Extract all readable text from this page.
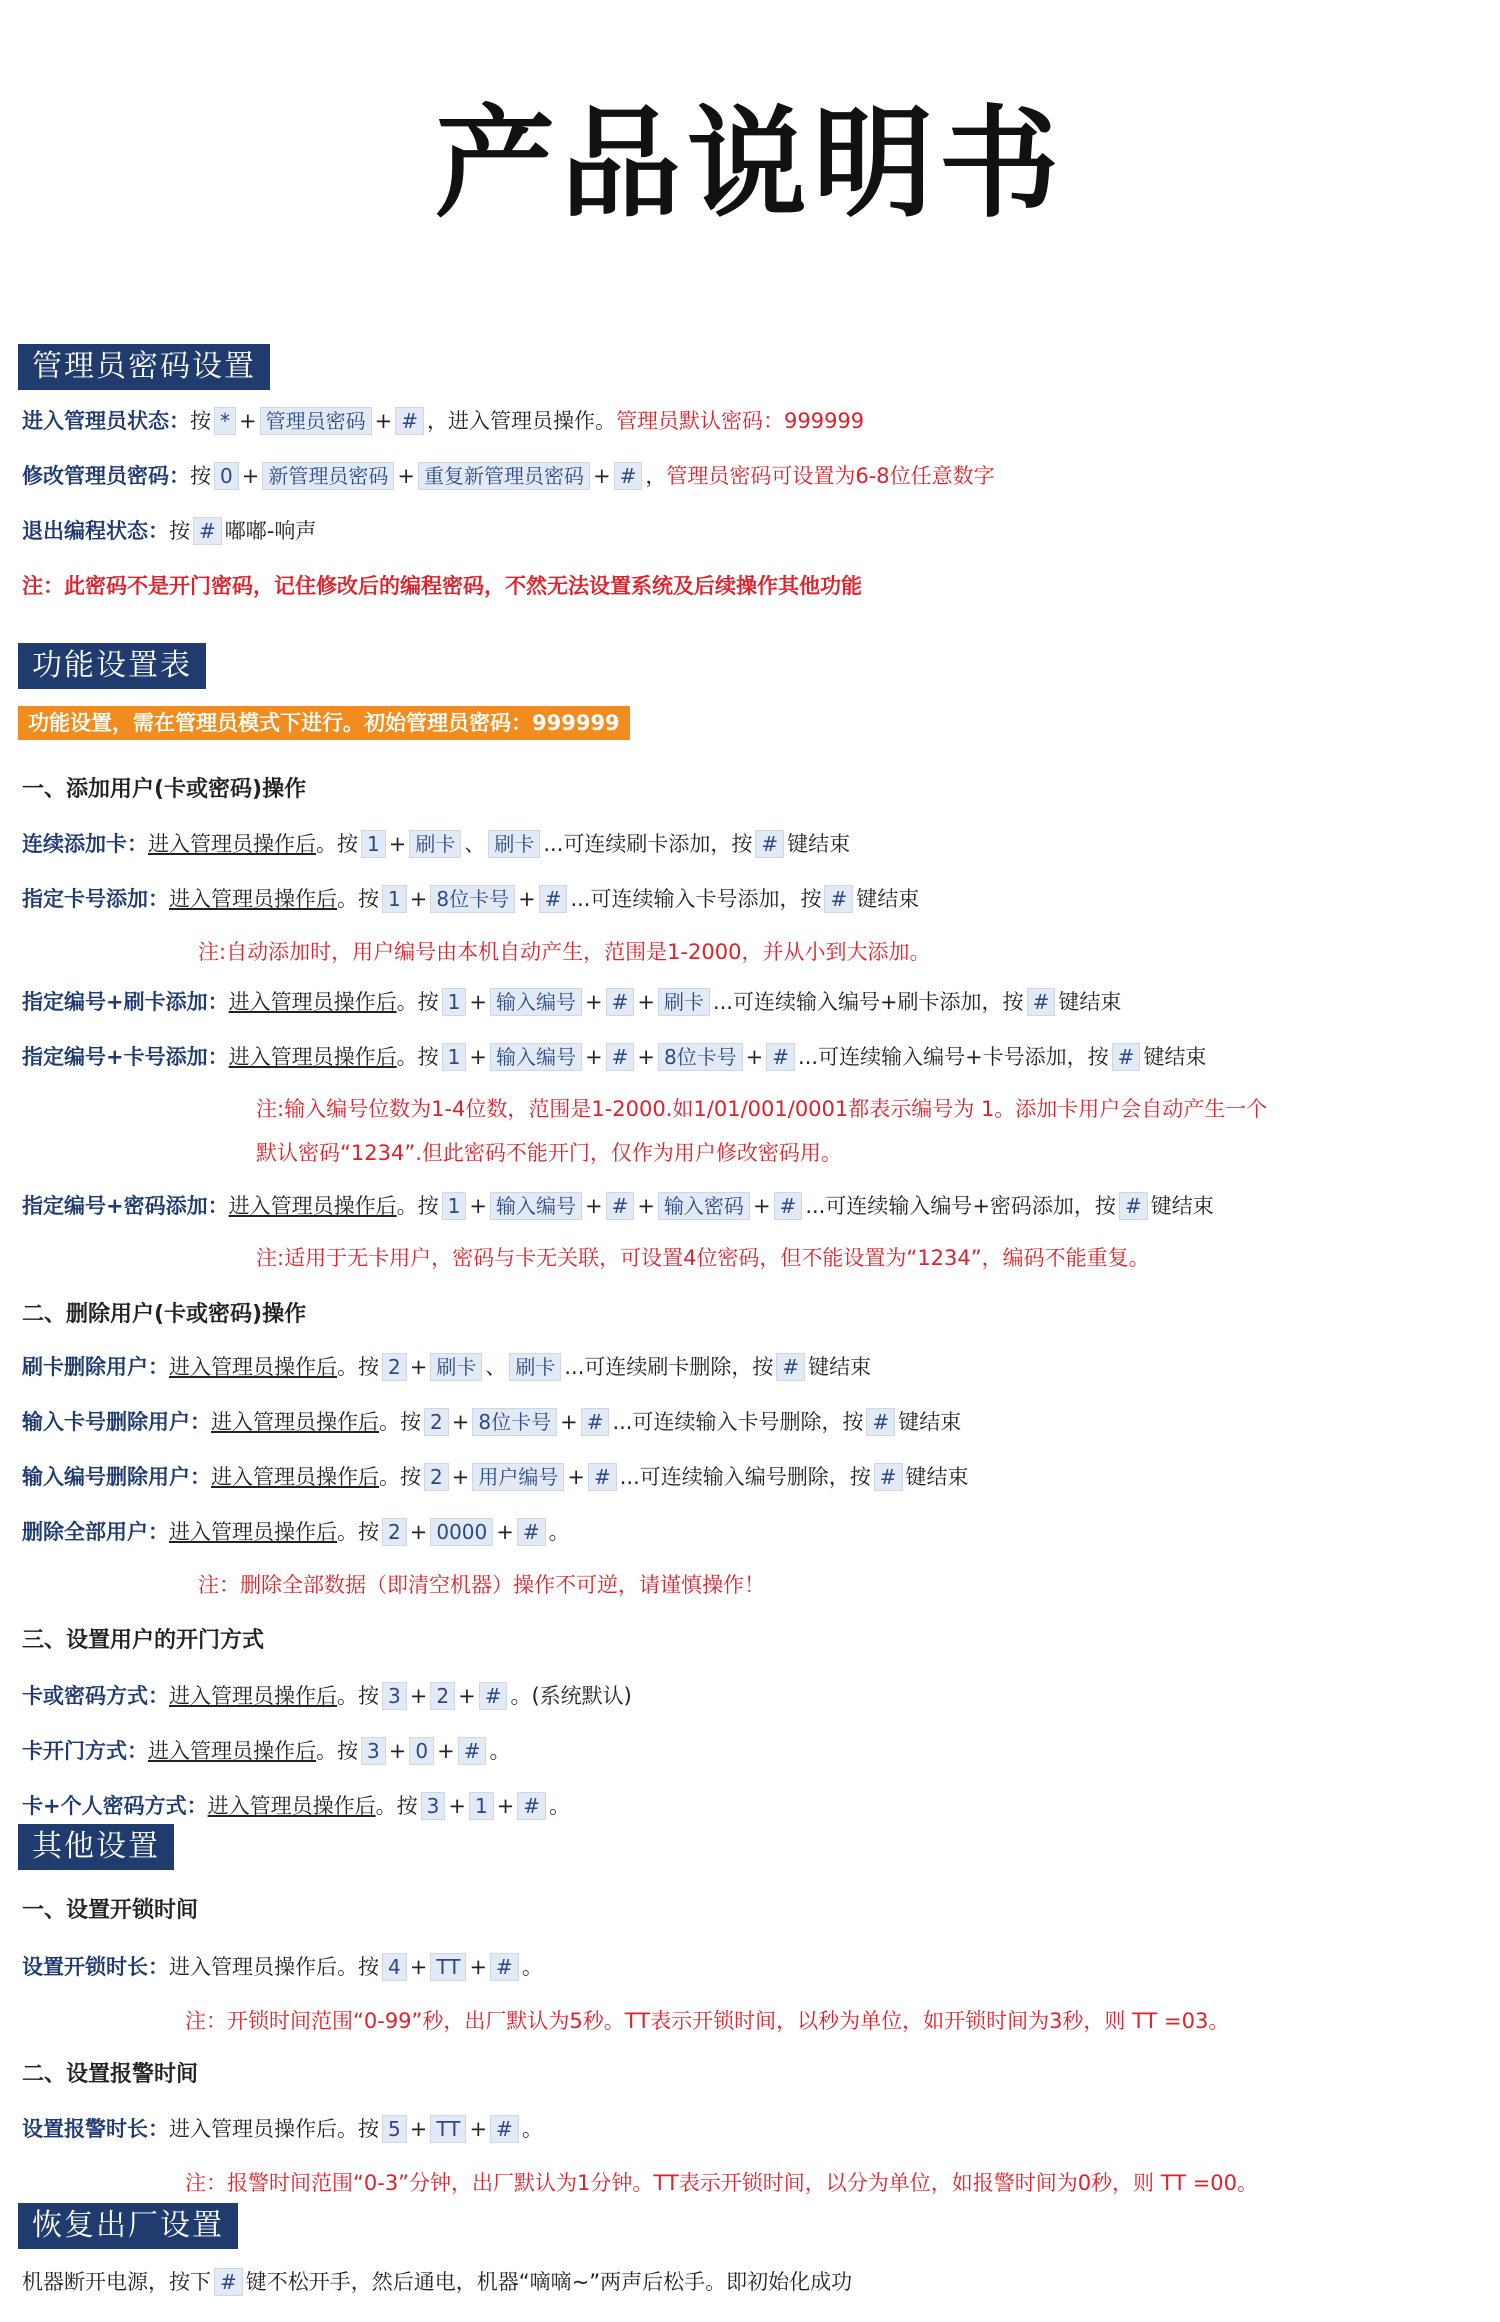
产品说明书
管理员密码设置
进入管理员状态：按 * + 管理员密码 + # ，进入管理员操作。管理员默认密码：999999
修改管理员密码：按 0 + 新管理员密码 + 重复新管理员密码 + # ，管理员密码可设置为6-8位任意数字
退出编程状态：按 # 嘟嘟-响声
注：此密码不是开门密码，记住修改后的编程密码，不然无法设置系统及后续操作其他功能
功能设置表
功能设置，需在管理员模式下进行。初始管理员密码：999999
一、添加用户(卡或密码)操作
连续添加卡：进入管理员操作后。按 1 + 刷卡 、 刷卡 ...可连续刷卡添加，按 # 键结束
指定卡号添加：进入管理员操作后。按 1 + 8位卡号 + # ...可连续输入卡号添加，按 # 键结束
注:自动添加时，用户编号由本机自动产生，范围是1-2000，并从小到大添加。
指定编号+刷卡添加：进入管理员操作后。按 1 + 输入编号 + # + 刷卡 ...可连续输入编号+刷卡添加，按 # 键结束
指定编号+卡号添加：进入管理员操作后。按 1 + 输入编号 + # + 8位卡号 + # ...可连续输入编号+卡号添加，按 # 键结束
注:输入编号位数为1-4位数，范围是1-2000.如1/01/001/0001都表示编号为 1。添加卡用户会自动产生一个
默认密码“1234”.但此密码不能开门，仅作为用户修改密码用。
指定编号+密码添加：进入管理员操作后。按 1 + 输入编号 + # + 输入密码 + # ...可连续输入编号+密码添加，按 # 键结束
注:适用于无卡用户，密码与卡无关联，可设置4位密码，但不能设置为“1234”，编码不能重复。
二、删除用户(卡或密码)操作
刷卡删除用户：进入管理员操作后。按 2 + 刷卡 、 刷卡 ...可连续刷卡删除，按 # 键结束
输入卡号删除用户：进入管理员操作后。按 2 + 8位卡号 + # ...可连续输入卡号删除，按 # 键结束
输入编号删除用户：进入管理员操作后。按 2 + 用户编号 + # ...可连续输入编号删除，按 # 键结束
删除全部用户：进入管理员操作后。按 2 + 0000 + # 。
注：删除全部数据（即清空机器）操作不可逆，请谨慎操作！
三、设置用户的开门方式
卡或密码方式：进入管理员操作后。按 3 + 2 + # 。(系统默认)
卡开门方式：进入管理员操作后。按 3 + 0 + # 。
卡+个人密码方式：进入管理员操作后。按 3 + 1 + # 。
其他设置
一、设置开锁时间
设置开锁时长：进入管理员操作后。按 4 + TT + # 。
注：开锁时间范围“0-99”秒，出厂默认为5秒。TT表示开锁时间，以秒为单位，如开锁时间为3秒，则 TT =03。
二、设置报警时间
设置报警时长：进入管理员操作后。按 5 + TT + # 。
注：报警时间范围“0-3”分钟，出厂默认为1分钟。TT表示开锁时间，以分为单位，如报警时间为0秒，则 TT =00。
恢复出厂设置
机器断开电源，按下 # 键不松开手，然后通电，机器“嘀嘀~”两声后松手。即初始化成功
